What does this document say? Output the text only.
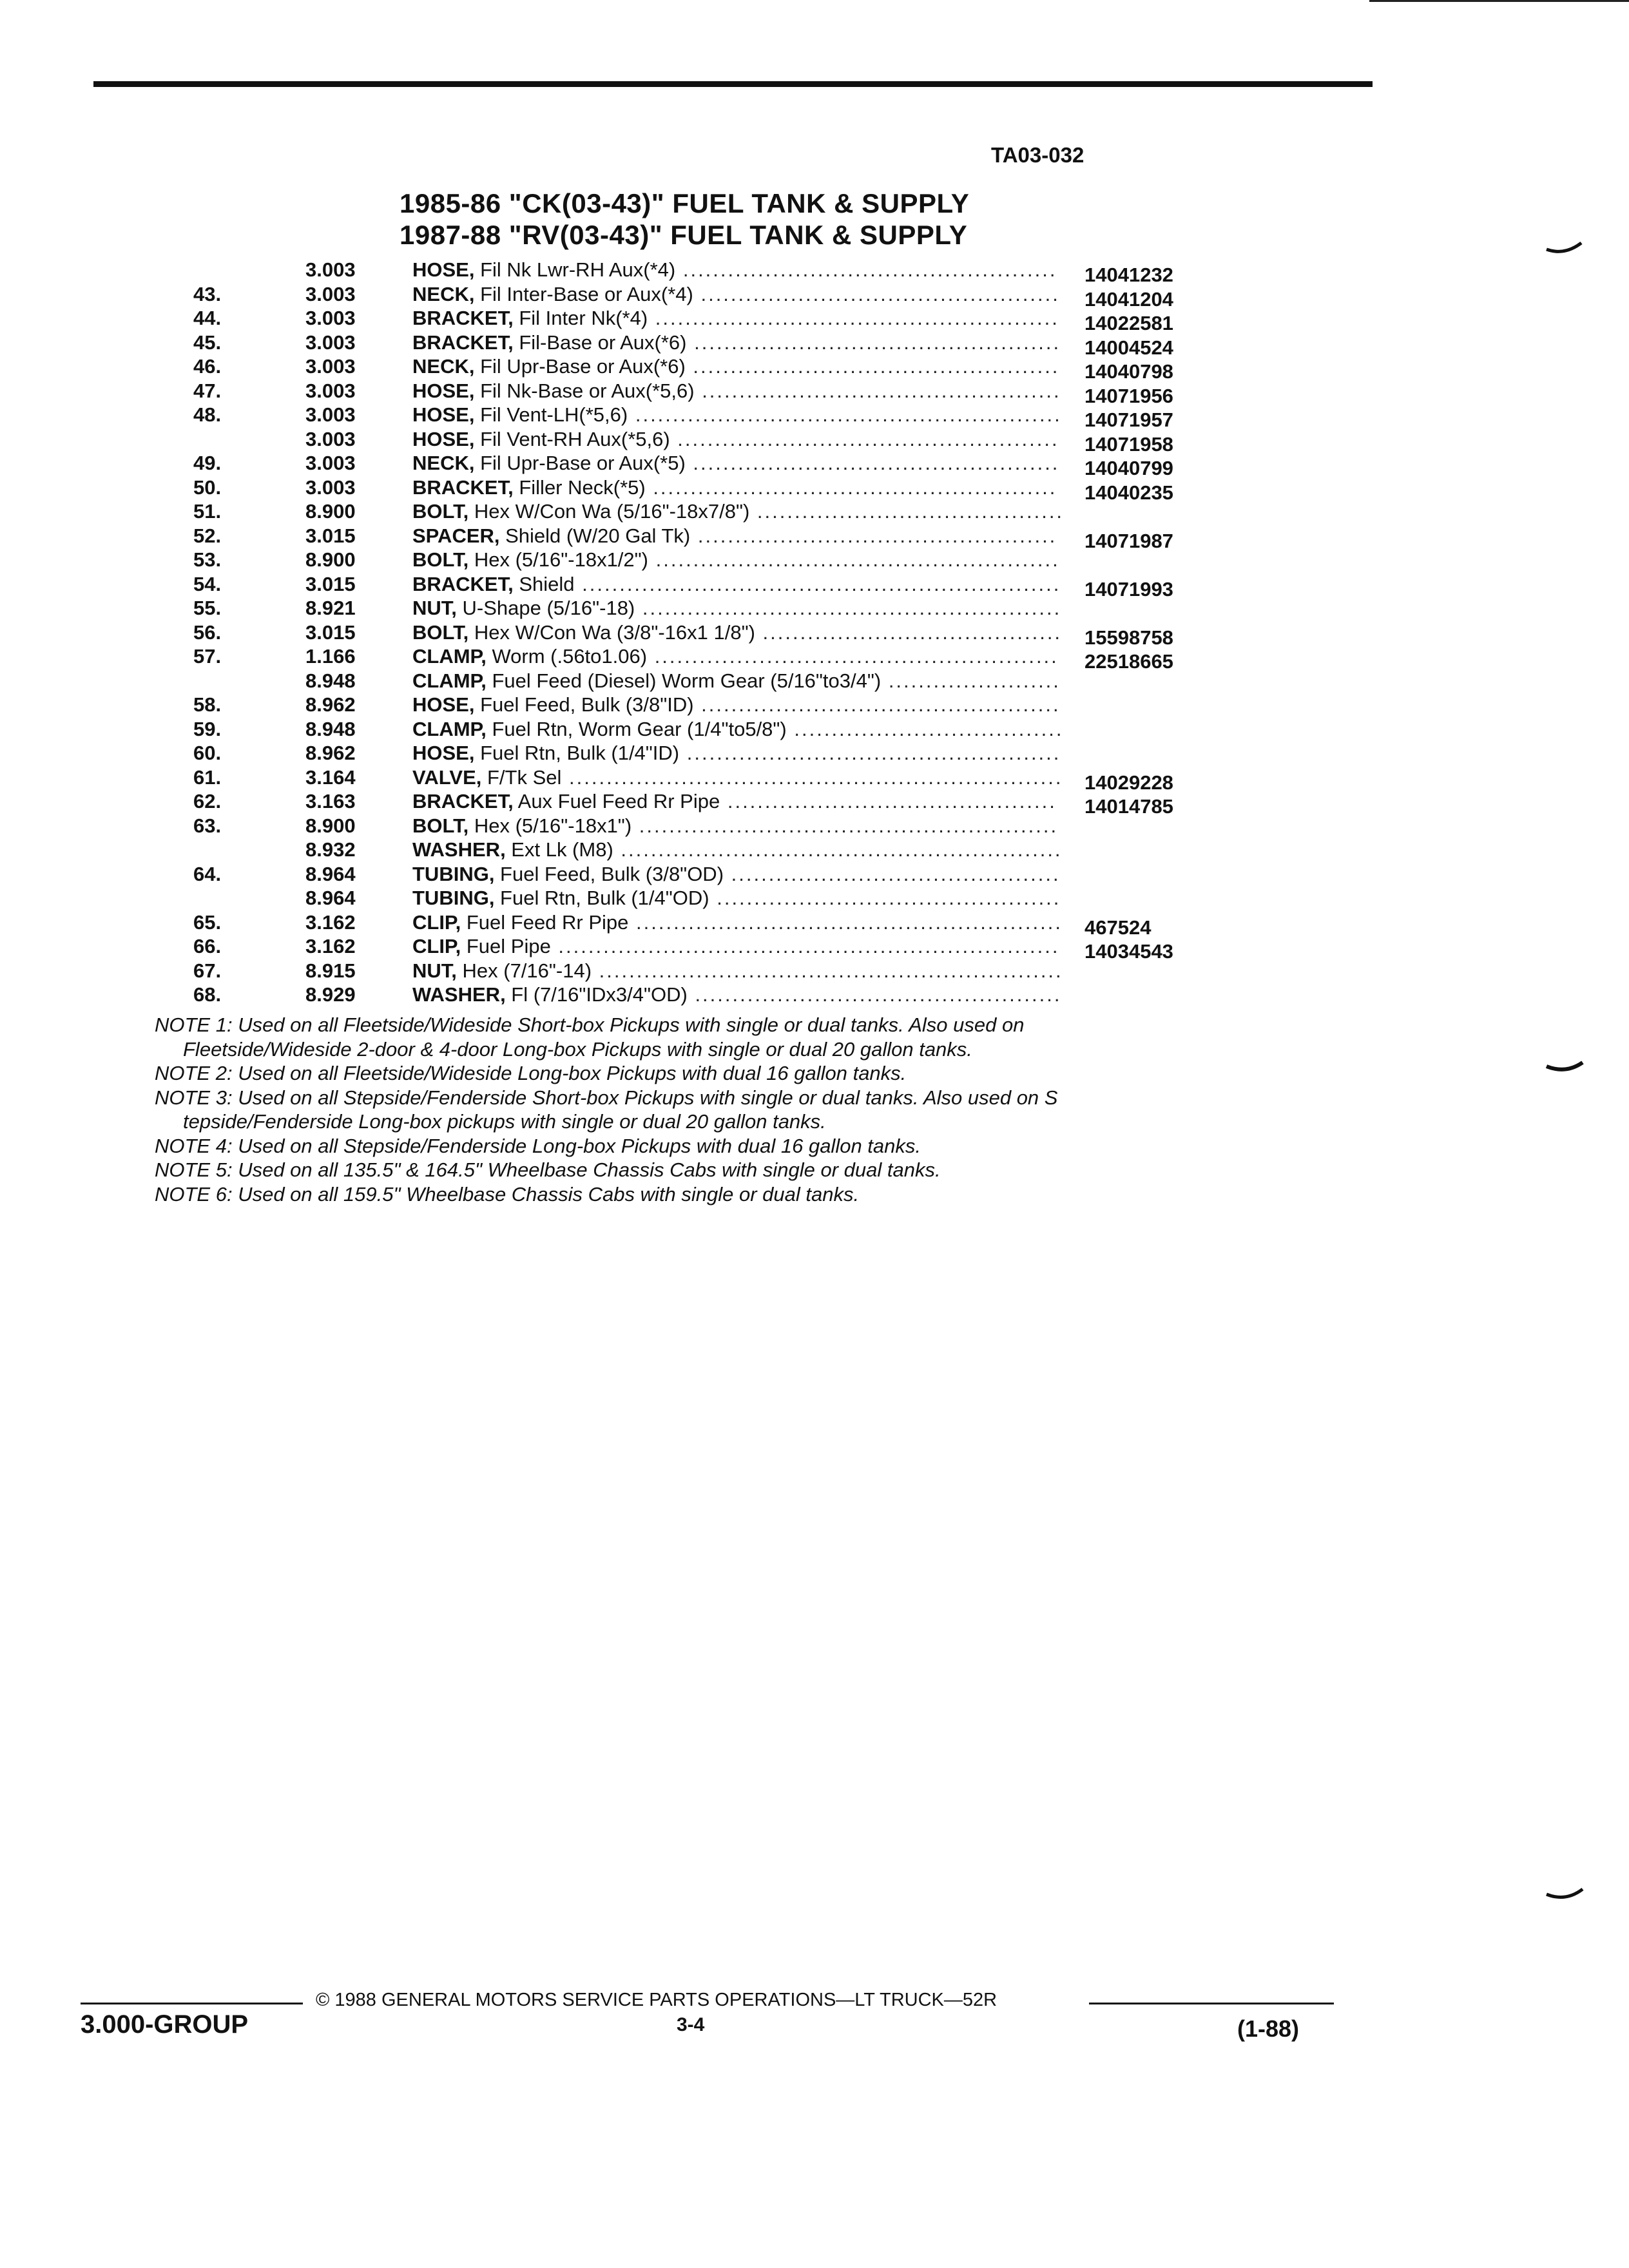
TA03-032
1985-86 "CK(03-43)" FUEL TANK & SUPPLY
1987-88 "RV(03-43)" FUEL TANK & SUPPLY
3.003	HOSE, Fil Nk Lwr-RH Aux(*4) .................................................. 14041232
43.	3.003	NECK, Fil Inter-Base or Aux(*4) ................................................ 14041204
44.	3.003	BRACKET, Fil Inter Nk(*4) ...................................................... 14022581
45.	3.003	BRACKET, Fil-Base or Aux(*6) ................................................. 14004524
46.	3.003	NECK, Fil Upr-Base or Aux(*6) ................................................. 14040798
47.	3.003	HOSE, Fil Nk-Base or Aux(*5,6) ................................................ 14071956
48.	3.003	HOSE, Fil Vent-LH(*5,6) ......................................................... 14071957
3.003	HOSE, Fil Vent-RH Aux(*5,6) ................................................... 14071958
49.	3.003	NECK, Fil Upr-Base or Aux(*5) ................................................. 14040799
50.	3.003	BRACKET, Filler Neck(*5) ...................................................... 14040235
51.	8.900	BOLT, Hex W/Con Wa (5/16"-18x7/8") .........................................
52.	3.015	SPACER, Shield (W/20 Gal Tk) ................................................ 14071987
53.	8.900	BOLT, Hex (5/16"-18x1/2") ......................................................
54.	3.015	BRACKET, Shield ................................................................ 14071993
55.	8.921	NUT, U-Shape (5/16"-18) ........................................................
56.	3.015	BOLT, Hex W/Con Wa (3/8"-16x1 1/8") ........................................ 15598758
57.	1.166	CLAMP, Worm (.56to1.06) ...................................................... 22518665
8.948	CLAMP, Fuel Feed (Diesel) Worm Gear (5/16"to3/4") .......................
58.	8.962	HOSE, Fuel Feed, Bulk (3/8"ID) ................................................
59.	8.948	CLAMP, Fuel Rtn, Worm Gear (1/4"to5/8") ....................................
60.	8.962	HOSE, Fuel Rtn, Bulk (1/4"ID) ..................................................
61.	3.164	VALVE, F/Tk Sel .................................................................. 14029228
62.	3.163	BRACKET, Aux Fuel Feed Rr Pipe ............................................ 14014785
63.	8.900	BOLT, Hex (5/16"-18x1") ........................................................
8.932	WASHER, Ext Lk (M8) ...........................................................
64.	8.964	TUBING, Fuel Feed, Bulk (3/8"OD) ............................................
8.964	TUBING, Fuel Rtn, Bulk (1/4"OD) ..............................................
65.	3.162	CLIP, Fuel Feed Rr Pipe ......................................................... 467524
66.	3.162	CLIP, Fuel Pipe ................................................................... 14034543
67.	8.915	NUT, Hex (7/16"-14) ..............................................................
68.	8.929	WASHER, Fl (7/16"IDx3/4"OD) .................................................
NOTE 1: Used on all Fleetside/Wideside Short-box Pickups with single or dual tanks. Also used on
Fleetside/Wideside 2-door & 4-door Long-box Pickups with single or dual 20 gallon tanks.
NOTE 2: Used on all Fleetside/Wideside Long-box Pickups with dual 16 gallon tanks.
NOTE 3: Used on all Stepside/Fenderside Short-box Pickups with single or dual tanks. Also used on S
tepside/Fenderside Long-box pickups with single or dual 20 gallon tanks.
NOTE 4: Used on all Stepside/Fenderside Long-box Pickups with dual 16 gallon tanks.
NOTE 5: Used on all 135.5" & 164.5" Wheelbase Chassis Cabs with single or dual tanks.
NOTE 6: Used on all 159.5" Wheelbase Chassis Cabs with single or dual tanks.
© 1988 GENERAL MOTORS SERVICE PARTS OPERATIONS—LT TRUCK—52R
3.000-GROUP	3-4	(1-88)
